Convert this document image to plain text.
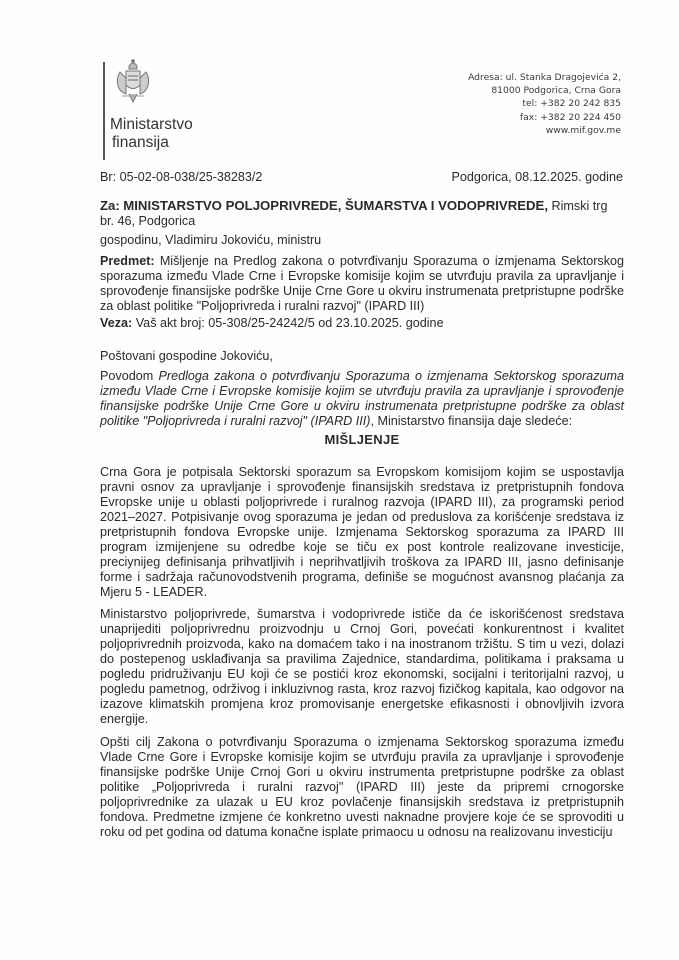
Ministarstvo
finansija
Adresa: ul. Stanka Dragojevića 2,
81000 Podgorica, Crna Gora
tel: +382 20 242 835
fax: +382 20 224 450
www.mif.gov.me
Br: 05-02-08-038/25-38283/2	Podgorica, 08.12.2025. godine
Za: MINISTARSTVO POLJOPRIVREDE, ŠUMARSTVA I VODOPRIVREDE, Rimski trg br. 46, Podgorica
gospodinu, Vladimiru Jokoviću, ministru
Predmet: Mišljenje na Predlog zakona o potvrđivanju Sporazuma o izmjenama Sektorskog sporazuma između Vlade Crne i Evropske komisije kojim se utvrđuju pravila za upravljanje i sprovođenje finansijske podrške Unije Crne Gore u okviru instrumenata pretpristupne podrške za oblast politike "Poljoprivreda i ruralni razvoj" (IPARD III)
Veza: Vaš akt broj: 05-308/25-24242/5 od 23.10.2025. godine
Poštovani gospodine Jokoviću,
Povodom Predloga zakona o potvrđivanju Sporazuma o izmjenama Sektorskog sporazuma između Vlade Crne i Evropske komisije kojim se utvrđuju pravila za upravljanje i sprovođenje finansijske podrške Unije Crne Gore u okviru instrumenata pretpristupne podrške za oblast politike "Poljoprivreda i ruralni razvoj" (IPARD III), Ministarstvo finansija daje sledeće:
MIŠLJENJE
Crna Gora je potpisala Sektorski sporazum sa Evropskom komisijom kojim se uspostavlja pravni osnov za upravljanje i sprovođenje finansijskih sredstava iz pretpristupnih fondova Evropske unije u oblasti poljoprivrede i ruralnog razvoja (IPARD III), za programski period 2021–2027. Potpisivanje ovog sporazuma je jedan od preduslova za korišćenje sredstava iz pretpristupnih fondova Evropske unije. Izmjenama Sektorskog sporazuma za IPARD III program izmijenjene su odredbe koje se tiču ex post kontrole realizovane investicije, preciynijeg definisanja prihvatljivih i neprihvatljivih troškova za IPARD III, jasno definisanje forme i sadržaja računovodstvenih programa, definiše se mogućnost avansnog plaćanja za Mjeru 5 - LEADER.
Ministarstvo poljoprivrede, šumarstva i vodoprivrede ističe da će iskorišćenost sredstava unaprijediti poljoprivrednu proizvodnju u Crnoj Gori, povećati konkurentnost i kvalitet poljoprivrednih proizvoda, kako na domaćem tako i na inostranom tržištu. S tim u vezi, dolazi do postepenog usklađivanja sa pravilima Zajednice, standardima, politikama i praksama u pogledu pridruživanju EU koji će se postići kroz ekonomski, socijalni i teritorijalni razvoj, u pogledu pametnog, održivog i inkluzivnog rasta, kroz razvoj fizičkog kapitala, kao odgovor na izazove klimatskih promjena kroz promovisanje energetske efikasnosti i obnovljivih izvora energije.
Opšti cilj Zakona o potvrđivanju Sporazuma o izmjenama Sektorskog sporazuma između Vlade Crne Gore i Evropske komisije kojim se utvrđuju pravila za upravljanje i sprovođenje finansijske podrške Unije Crnoj Gori u okviru instrumenta pretpristupne podrške za oblast politike „Poljoprivreda i ruralni razvoj" (IPARD III) jeste da pripremi crnogorske poljoprivrednike za ulazak u EU kroz povlačenje finansijskih sredstava iz pretpristupnih fondova. Predmetne izmjene će konkretno uvesti naknadne provjere koje će se sprovoditi u roku od pet godina od datuma konačne isplate primaocu u odnosu na realizovanu investiciju
